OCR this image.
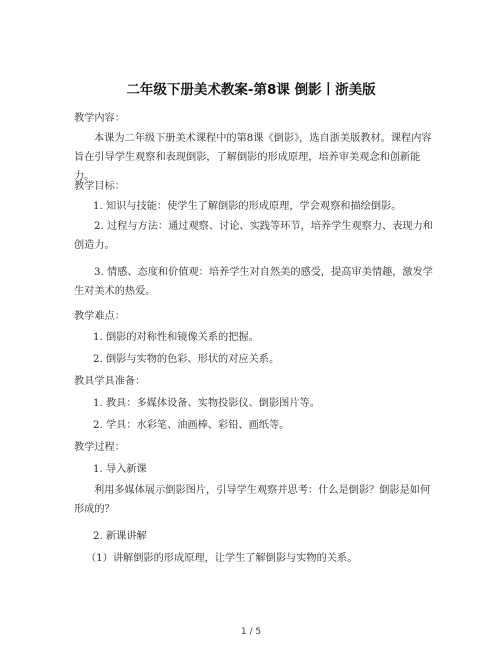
二年级下册美术教案-第8课 倒影丨浙美版
教学内容：
本课为二年级下册美术课程中的第8课《倒影》，选自浙美版教材。课程内容旨在引导学生观察和表现倒影，了解倒影的形成原理，培养审美观念和创新能力。
教学目标：
1. 知识与技能：使学生了解倒影的形成原理，学会观察和描绘倒影。
2. 过程与方法：通过观察、讨论、实践等环节，培养学生观察力、表现力和创造力。
3. 情感、态度和价值观：培养学生对自然美的感受，提高审美情趣，激发学生对美术的热爱。
教学难点：
1. 倒影的对称性和镜像关系的把握。
2. 倒影与实物的色彩、形状的对应关系。
教具学具准备：
1. 教具：多媒体设备、实物投影仪、倒影图片等。
2. 学具：水彩笔、油画棒、彩铅、画纸等。
教学过程：
1. 导入新课
利用多媒体展示倒影图片，引导学生观察并思考：什么是倒影？倒影是如何形成的？
2. 新课讲解
（1）讲解倒影的形成原理，让学生了解倒影与实物的关系。
1 / 5
